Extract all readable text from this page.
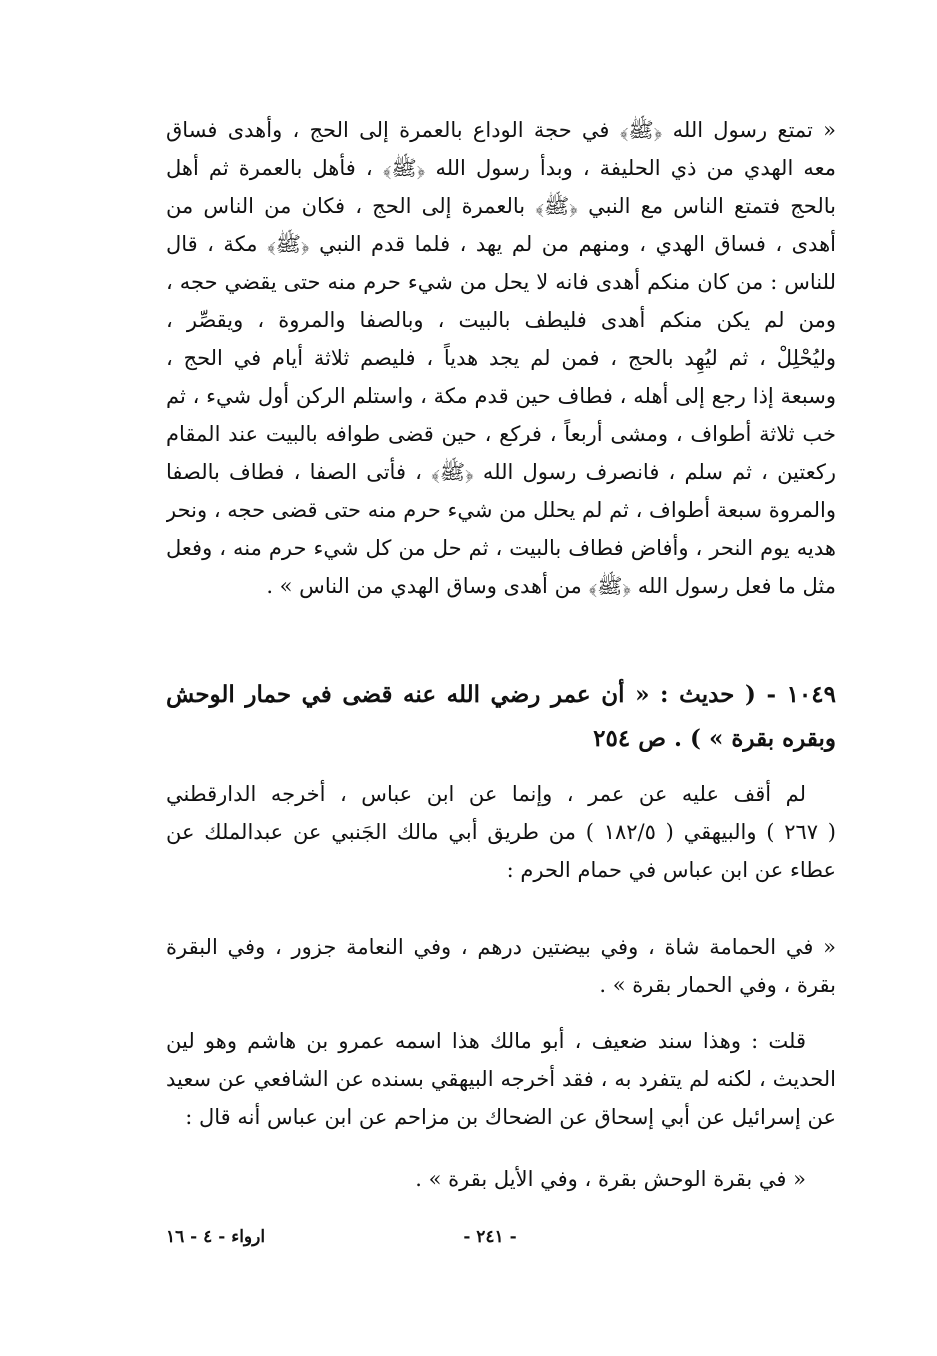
« تمتع رسول الله ﴿ﷺ﴾ في حجة الوداع بالعمرة إلى الحج ، وأهدى فساق
معه الهدي من ذي الحليفة ، وبدأ رسول الله ﴿ﷺ﴾ ، فأهل بالعمرة ثم أهل
بالحج فتمتع الناس مع النبي ﴿ﷺ﴾ بالعمرة إلى الحج ، فكان من الناس من
أهدى ، فساق الهدي ، ومنهم من لم يهد ، فلما قدم النبي ﴿ﷺ﴾ مكة ، قال
للناس : من كان منكم أهدى فانه لا يحل من شيء حرم منه حتى يقضي حجه ،
ومن لم يكن منكم أهدى فليطف بالبيت ، وبالصفا والمروة ، ويقصِّر ،
وليُحْلِلْ ، ثم ليُهِد بالحج ، فمن لم يجد هدياً ، فليصم ثلاثة أيام في الحج ،
وسبعة إذا رجع إلى أهله ، فطاف حين قدم مكة ، واستلم الركن أول شيء ، ثم
خب ثلاثة أطواف ، ومشى أربعاً ، فركع ، حين قضى طوافه بالبيت عند المقام
ركعتين ، ثم سلم ، فانصرف رسول الله ﴿ﷺ﴾ ، فأتى الصفا ، فطاف بالصفا
والمروة سبعة أطواف ، ثم لم يحلل من شيء حرم منه حتى قضى حجه ، ونحر
هديه يوم النحر ، وأفاض فطاف بالبيت ، ثم حل من كل شيء حرم منه ، وفعل
مثل ما فعل رسول الله ﴿ﷺ﴾ من أهدى وساق الهدي من الناس » .
١٠٤٩ - ( حديث : « أن عمر رضي الله عنه قضى في حمار الوحش
وبقره بقرة » ) . ص ٢٥٤
لم أقف عليه عن عمر ، وإنما عن ابن عباس ، أخرجه الدارقطني
( ٢٦٧ ) والبيهقي ( ١٨٢/٥ ) من طريق أبي مالك الجَنبي عن عبدالملك عن
عطاء عن ابن عباس في حمام الحرم :
« في الحمامة شاة ، وفي بيضتين درهم ، وفي النعامة جزور ، وفي البقرة
بقرة ، وفي الحمار بقرة » .
قلت : وهذا سند ضعيف ، أبو مالك هذا اسمه عمرو بن هاشم وهو لين
الحديث ، لكنه لم يتفرد به ، فقد أخرجه البيهقي بسنده عن الشافعي عن سعيد
عن إسرائيل عن أبي إسحاق عن الضحاك بن مزاحم عن ابن عباس أنه قال :
« في بقرة الوحش بقرة ، وفي الأيل بقرة » .
- ٢٤١ -
ارواء - ٤ - ١٦
